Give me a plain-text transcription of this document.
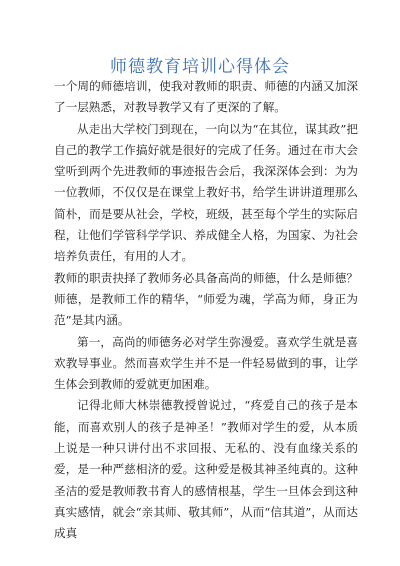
师德教育培训心得体会

一个周的师德培训，使我对教师的职责、师德的内涵又加深了一层熟悉，对教导教学又有了更深的了解。

从走出大学校门到现在，一向以为“在其位，谋其政”把自己的教学工作搞好就是很好的完成了任务。通过在市大会堂听到两个先进教师的事迹报告会后，我深深体会到：为为一位教师，不仅仅是在课堂上教好书，给学生讲讲道理那么简朴，而是要从社会，学校，班级，甚至每个学生的实际启程，让他们学管科学学识、养成健全人格，为国家、为社会培养负责任，有用的人才。

教师的职责抉择了教师务必具备高尚的师德，什么是师德？师德，是教师工作的精华，“师爱为魂，学高为师，身正为范”是其内涵。

第一，高尚的师德务必对学生弥漫爱。喜欢学生就是喜欢教导事业。然而喜欢学生并不是一件轻易做到的事，让学生体会到教师的爱就更加困难。

记得北师大林崇德教授曾说过，“疼爱自己的孩子是本能，而喜欢别人的孩子是神圣！”教师对学生的爱，从本质上说是一种只讲付出不求回报、无私的、没有血缘关系的爱，是一种严慈相济的爱。这种爱是极其神圣纯真的。这种圣洁的爱是教师教书育人的感情根基，学生一旦体会到这种真实感情，就会“亲其师、敬其师”，从而“信其道”，从而达成真
